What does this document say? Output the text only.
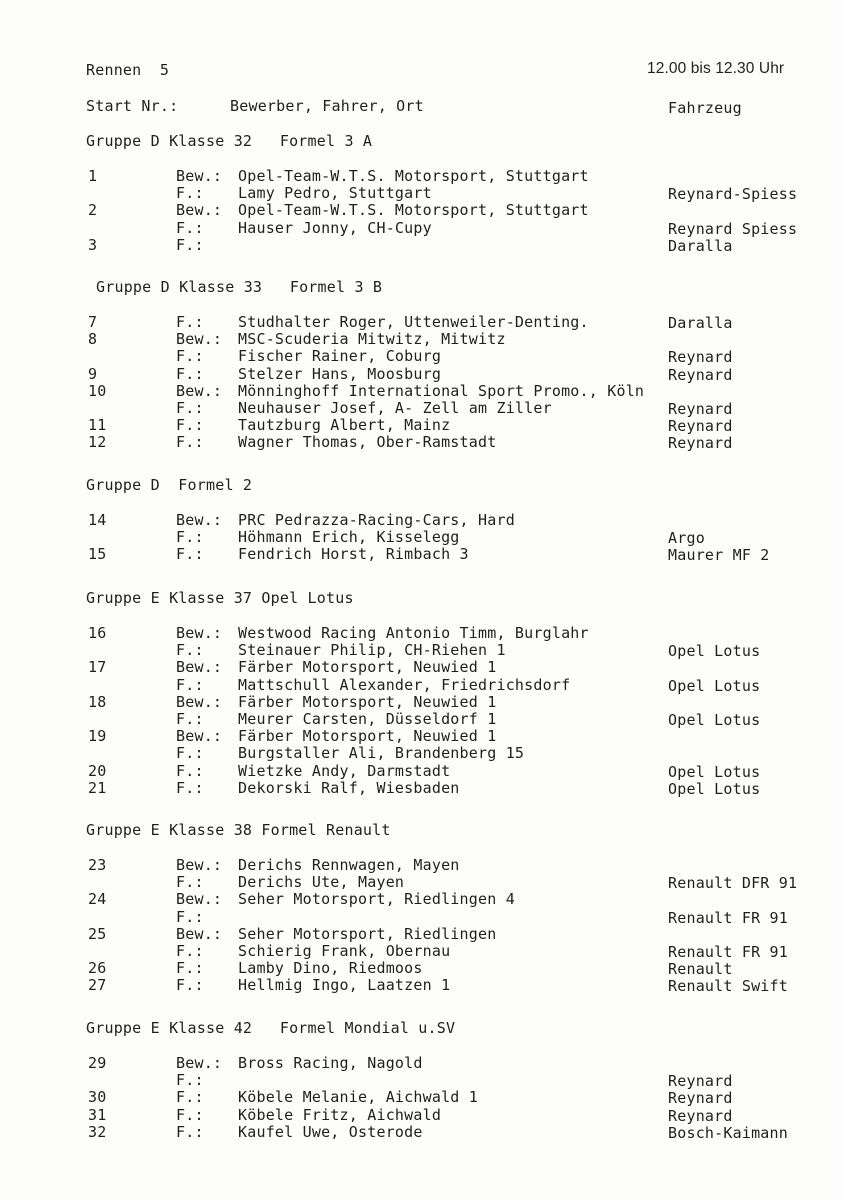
Rennen  5	12.00 bis 12.30 Uhr
Start Nr.:	Bewerber, Fahrer, Ort	Fahrzeug
Gruppe D Klasse 32   Formel 3 A
1	Bew.: Opel-Team-W.T.S. Motorsport, Stuttgart
F.: Lamy Pedro, Stuttgart	Reynard-Spiess
2	Bew.: Opel-Team-W.T.S. Motorsport, Stuttgart
F.: Hauser Jonny, CH-Cupy	Reynard Spiess
3	F.:	Daralla
Gruppe D Klasse 33   Formel 3 B
7	F.: Studhalter Roger, Uttenweiler-Denting.	Daralla
8	Bew.: MSC-Scuderia Mitwitz, Mitwitz
F.: Fischer Rainer, Coburg	Reynard
9	F.: Stelzer Hans, Moosburg	Reynard
10	Bew.: Mönninghoff International Sport Promo., Köln
F.: Neuhauser Josef, A- Zell am Ziller	Reynard
11	F.: Tautzburg Albert, Mainz	Reynard
12	F.: Wagner Thomas, Ober-Ramstadt	Reynard
Gruppe D  Formel 2
14	Bew.: PRC Pedrazza-Racing-Cars, Hard
F.: Höhmann Erich, Kisselegg	Argo
15	F.: Fendrich Horst, Rimbach 3	Maurer MF 2
Gruppe E Klasse 37 Opel Lotus
16	Bew.: Westwood Racing Antonio Timm, Burglahr
F.: Steinauer Philip, CH-Riehen 1	Opel Lotus
17	Bew.: Färber Motorsport, Neuwied 1
F.: Mattschull Alexander, Friedrichsdorf	Opel Lotus
18	Bew.: Färber Motorsport, Neuwied 1
F.: Meurer Carsten, Düsseldorf 1	Opel Lotus
19	Bew.: Färber Motorsport, Neuwied 1
F.: Burgstaller Ali, Brandenberg 15
20	F.: Wietzke Andy, Darmstadt	Opel Lotus
21	F.: Dekorski Ralf, Wiesbaden	Opel Lotus
Gruppe E Klasse 38 Formel Renault
23	Bew.: Derichs Rennwagen, Mayen
F.: Derichs Ute, Mayen	Renault DFR 91
24	Bew.: Seher Motorsport, Riedlingen 4
F.:	Renault FR 91
25	Bew.: Seher Motorsport, Riedlingen
F.: Schierig Frank, Obernau	Renault FR 91
26	F.: Lamby Dino, Riedmoos	Renault
27	F.: Hellmig Ingo, Laatzen 1	Renault Swift
Gruppe E Klasse 42   Formel Mondial u.SV
29	Bew.: Bross Racing, Nagold
F.:	Reynard
30	F.: Köbele Melanie, Aichwald 1	Reynard
31	F.: Köbele Fritz, Aichwald	Reynard
32	F.: Kaufel Uwe, Osterode	Bosch-Kaimann
